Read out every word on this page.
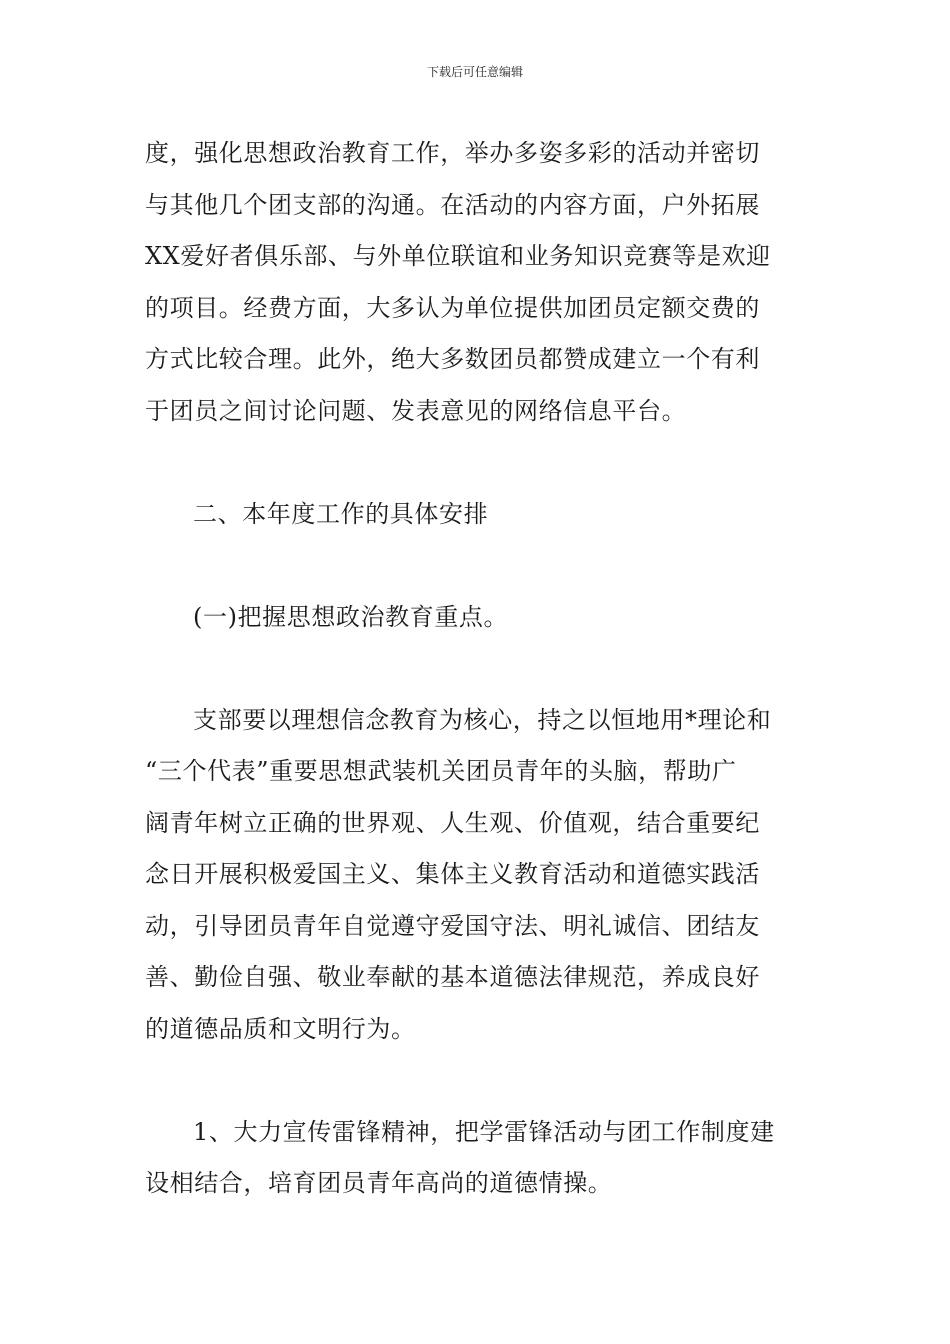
下载后可任意编辑
度，强化思想政治教育工作，举办多姿多彩的活动并密切
与其他几个团支部的沟通。在活动的内容方面，户外拓展
XX爱好者俱乐部、与外单位联谊和业务知识竞赛等是欢迎
的项目。经费方面，大多认为单位提供加团员定额交费的
方式比较合理。此外，绝大多数团员都赞成建立一个有利
于团员之间讨论问题、发表意见的网络信息平台。
二、本年度工作的具体安排
(一)把握思想政治教育重点。
支部要以理想信念教育为核心，持之以恒地用*理论和
“三个代表”重要思想武装机关团员青年的头脑，帮助广
阔青年树立正确的世界观、人生观、价值观，结合重要纪
念日开展积极爱国主义、集体主义教育活动和道德实践活
动，引导团员青年自觉遵守爱国守法、明礼诚信、团结友
善、勤俭自强、敬业奉献的基本道德法律规范，养成良好
的道德品质和文明行为。
1、大力宣传雷锋精神，把学雷锋活动与团工作制度建
设相结合，培育团员青年高尚的道德情操。
